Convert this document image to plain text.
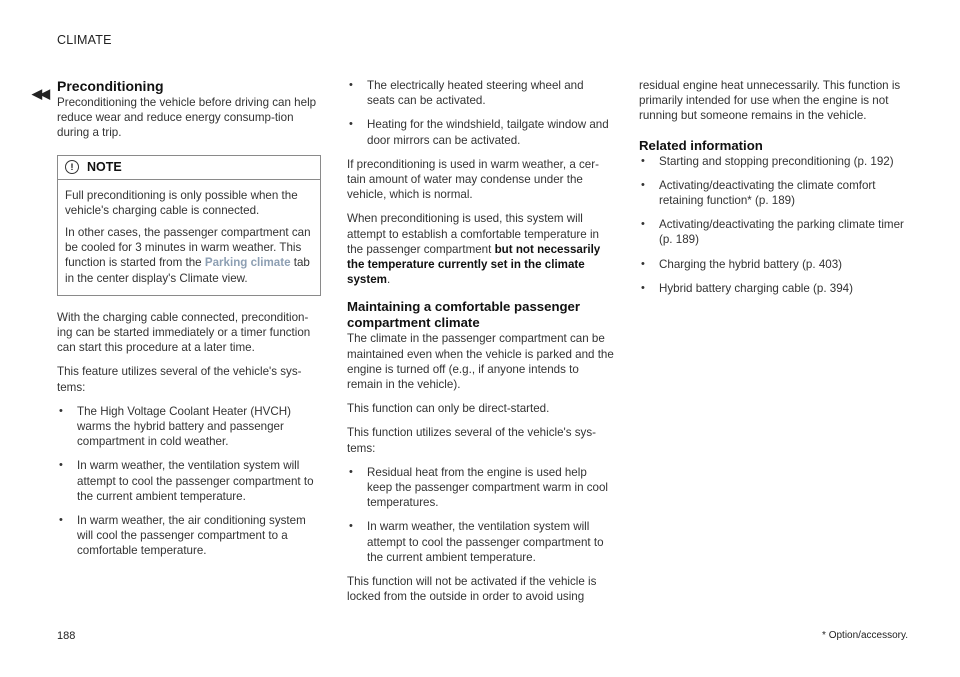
CLIMATE
◀◀ Preconditioning

Preconditioning the vehicle before driving can help reduce wear and reduce energy consump-tion during a trip.

!	NOTE

Full preconditioning is only possible when the vehicle's charging cable is connected.

In other cases, the passenger compartment can be cooled for 3 minutes in warm weather. This function is started from the Parking climate tab in the center display's Climate view.

With the charging cable connected, precondition-ing can be started immediately or a timer function can start this procedure at a later time.

This feature utilizes several of the vehicle's sys-tems:

• The High Voltage Coolant Heater (HVCH) warms the hybrid battery and passenger compartment in cold weather.
• In warm weather, the ventilation system will attempt to cool the passenger compartment to the current ambient temperature.
• In warm weather, the air conditioning system will cool the passenger compartment to a comfortable temperature.
• The electrically heated steering wheel and seats can be activated.
• Heating for the windshield, tailgate window and door mirrors can be activated.

If preconditioning is used in warm weather, a cer-tain amount of water may condense under the vehicle, which is normal.

When preconditioning is used, this system will attempt to establish a comfortable temperature in the passenger compartment but not necessarily the temperature currently set in the climate system.

Maintaining a comfortable passenger compartment climate

The climate in the passenger compartment can be maintained even when the vehicle is parked and the engine is turned off (e.g., if anyone intends to remain in the vehicle).

This function can only be direct-started.

This function utilizes several of the vehicle's sys-tems:

• Residual heat from the engine is used help keep the passenger compartment warm in cool temperatures.
• In warm weather, the ventilation system will attempt to cool the passenger compartment to the current ambient temperature.

This function will not be activated if the vehicle is locked from the outside in order to avoid using

residual engine heat unnecessarily. This function is primarily intended for use when the engine is not running but someone remains in the vehicle.

Related information
• Starting and stopping preconditioning (p. 192)
• Activating/deactivating the climate comfort retaining function* (p. 189)
• Activating/deactivating the parking climate timer (p. 189)
• Charging the hybrid battery (p. 403)
• Hybrid battery charging cable (p. 394)
188	* Option/accessory.
